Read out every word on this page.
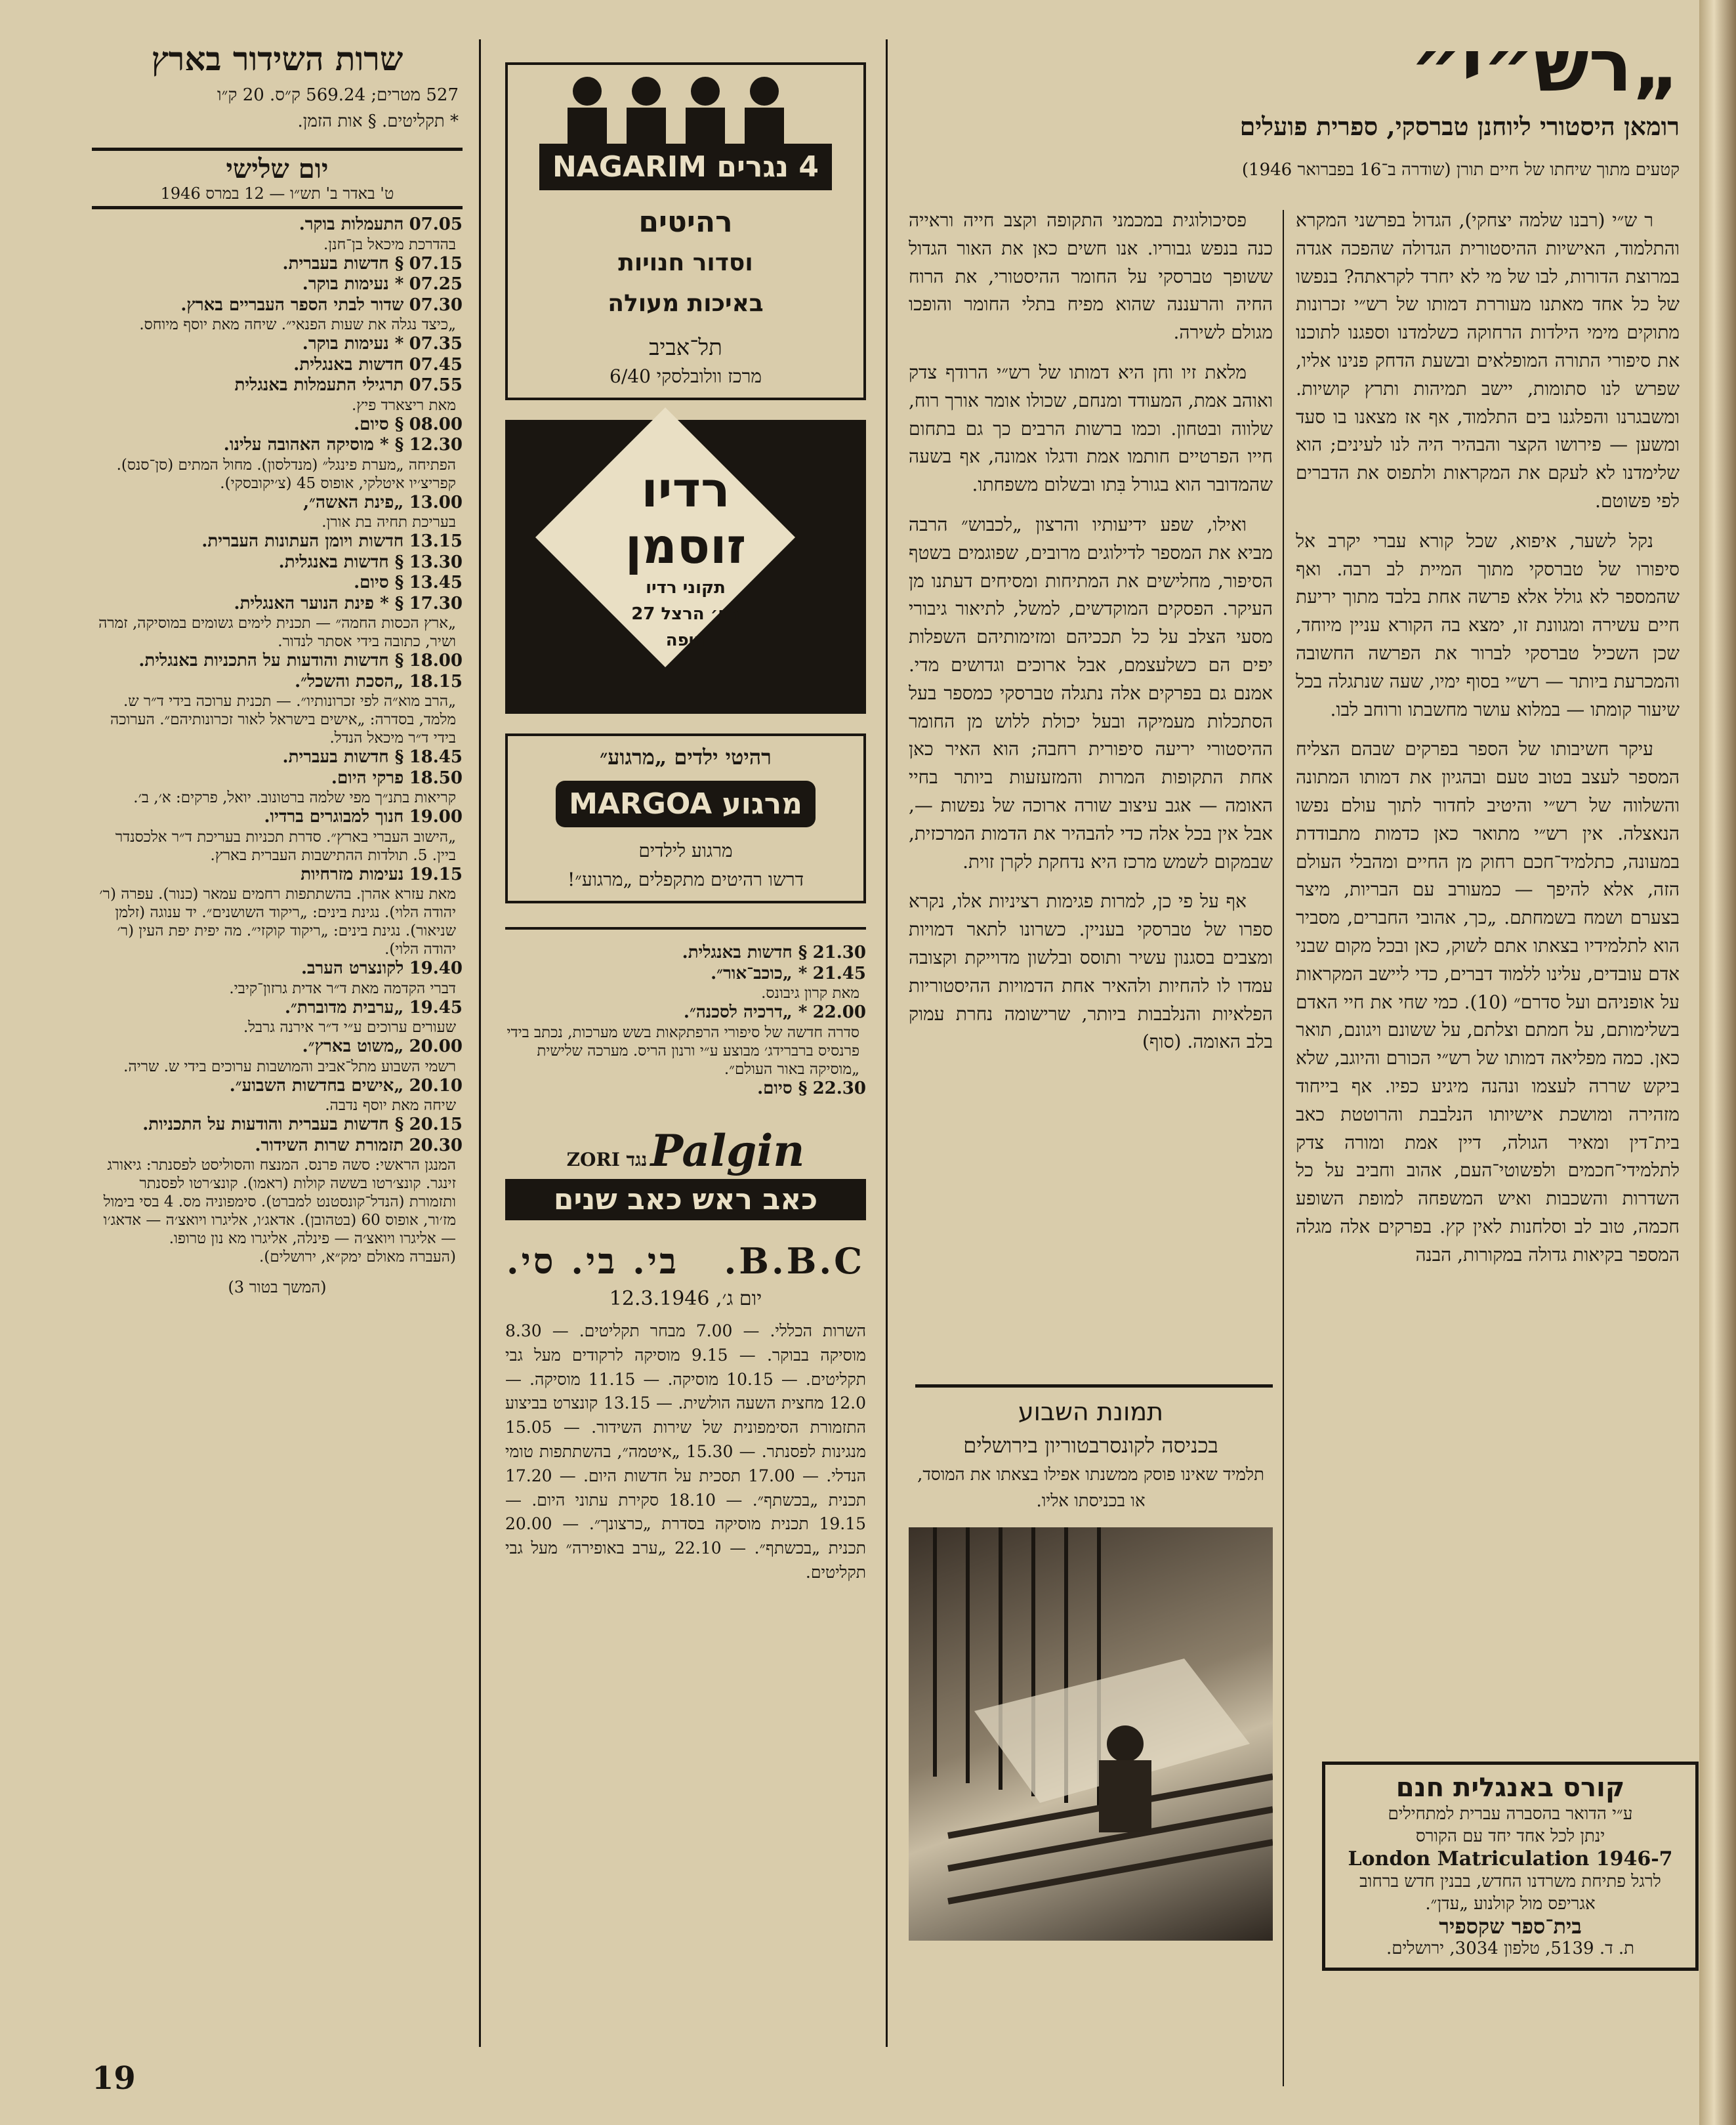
שרות השידור בארץ
527 מטרים; 569.24 ק״ס. 20 ק״ו
* תקליטים. § אות הזמן.
יום שלישי
ט' באדר ב' תש״ו — 12 במרס 1946
07.05 התעמלות בוקר.
בהדרכת מיכאל בן־חנן.
07.15 § חדשות בעברית.
07.25 * נעימות בוקר.
07.30 שדור לבתי הספר העבריים בארץ.
„כיצד נגלה את שעות הפנאי״. שיחה מאת יוסף מיוחס.
07.35 * נעימות בוקר.
07.45 חדשות באנגלית.
07.55 תרגילי התעמלות באנגלית
מאת ריצארד פיץ.
08.00 § סיום.
12.30 § * מוסיקה האהובה עלינו.
הפתיחה „מערת פינגל״ (מנדלסון). מחול המתים (סן־סנס). קפריצ׳יו איטלקי, אופוס 45 (צ׳יקובסקי).
13.00 „פינת האשה״,
בעריכת תחיה בת אורן.
13.15 חדשות ויומן העתונות העברית.
13.30 § חדשות באנגלית.
13.45 § סיום.
17.30 § * פינת הנוער האנגלית.
„ארץ הכסות החמה״ — תכנית לימים גשומים במוסיקה, זמרה ושיר, כתובה בידי אסתר לנדור.
18.00 § חדשות והודעות על התכניות באנגלית.
18.15 „הסכת והשכל״.
„הרב מוא״ה לפי זכרונותיו״. — תכנית ערוכה בידי ד״ר ש. מלמד, בסדרה: „אישים בישראל לאור זכרונותיהם״. הערוכה בידי ד״ר מיכאל הנדל.
18.45 § חדשות בעברית.
18.50 פרקי היום.
קריאות בתנ״ך מפי שלמה ברטונוב. יואל, פרקים: א׳, ב׳.
19.00 חנוך למבוגרים ברדיו.
„הישוב העברי בארץ״. סדרת תכניות בעריכת ד״ר אלכסנדר ביין. 5. תולדות ההתישבות העברית בארץ.
19.15 נעימות מזרחיות
מאת עזרא אהרן. בהשתתפות רחמים עמאר (כנור). עפרה (ר׳ יהודה הלוי). נגינת בינים: „ריקוד השושנים״. יד ענוגה (זלמן שניאור). נגינת בינים: „ריקוד קוקזי״. מה יפית יפת העין (ר׳ יהודה הלוי).
19.40 לקונצרט הערב.
דברי הקדמה מאת ד״ר אדית גרזון־קיבי.
19.45 „ערבית מדוברת״.
שעורים ערוכים ע״י ד״ר אירנה גרבל.
20.00 „משוט בארץ״.
רשמי השבוע מתל־אביב והמושבות ערוכים בידי ש. שריה.
20.10 „אישים בחדשות השבוע״.
שיחה מאת יוסף נדבה.
20.15 § חדשות בעברית והודעות על התכניות.
20.30 תזמורת שרות השידור.
המנגן הראשי: סשה פרנס. המנצח והסוליסט לפסנתר: גיאורג זינגר. קונצ׳רטו בששה קולות (ראמו). קונצ׳רטו לפסנתר ותזמורת (הנדל־קונסטנט למברט). סימפוניה מס. 4 בסי בימול מז׳ור, אופוס 60 (בטהובן). אדאג׳ו, אליגרו ויואצ׳ה — אדאג׳ו — אליגרו ויואצ׳ה — פינלה, אליגרו מא נון טרופו.
(העברה מאולם ימק״א, ירושלים).
(המשך בטור 3)
19
4 נגרים NAGARIM
רהיטים
וסדור חנויות
באיכות מעולה
תל־אביב
מרכז וולובלסקי 6/40
רדיו
זוסמן
תקוני רדיו
רח׳ הרצל 27
חיפה
רהיטי ילדים „מרגוע״
מרגוע MARGOA
מרגוע לילדים
דרשו רהיטים מתקפלים „מרגוע״!
21.30 § חדשות באנגלית.
21.45 * „כוכב־אור״.
מאת קרון גיבונס.
22.00 * „דרכיה לסכנה״.
סדרה חדשה של סיפורי הרפתקאות בשש מערכות, נכתב בידי פרנסיס ברברידג׳ מבוצע ע״י ורנון הריס. מערכה שלישית „מוסיקה באור העולם״.
22.30 § סיום.
Palgin נגד ZORI
כאב ראש כאב שנים
B.B.C.   בי. בי. סי.
יום ג׳, 12.3.1946
השרות הכללי. — 7.00 מבחר תקליטים. — 8.30 מוסיקה בבוקר. — 9.15 מוסיקה לרקודים מעל גבי תקליטים. — 10.15 מוסיקה. — 11.15 מוסיקה. — 12.0 מחצית השעה הולשית. — 13.15 קונצרט בביצוע התזמורת הסימפונית של שירות השידור. — 15.05 מנגינות לפסנתר. — 15.30 „איטמה״, בהשתתפות טומי הנדלי. — 17.00 תסכית על חדשות היום. — 17.20 תכנית „בכשתף״. — 18.10 סקירת עתוני היום. — 19.15 תכנית מוסיקה בסדרת „כרצונך״. — 20.00 תכנית „בכשתף״. — 22.10 „ערב באופירה״ מעל גבי תקליטים.
„רש״י״
רומאן היסטורי ליוחנן טברסקי, ספרית פועלים
קטעים מתוך שיחתו של חיים תורן (שודרה ב־16 בפברואר 1946)

ר ש״י (רבנו שלמה יצחקי), הגדול בפרשני המקרא והתלמוד, האישיות ההיסטורית הגדולה שהפכה אגדה במרוצת הדורות, לבו של מי לא יחרד לקראתה? בנפשו של כל אחד מאתנו מעוררת דמותו של רש״י זכרונות מתוקים מימי הילדות הרחוקה כשלמדנו וספגנו לתוכנו את סיפורי התורה המופלאים ובשעת הדחק פנינו אליו, שפרש לנו סתומות, יישב תמיהות ותרץ קושיות. ומשבגרנו והפלגנו בים התלמוד, אף אז מצאנו בו סעד ומשען — פירושו הקצר והבהיר היה לנו לעינים; הוא שלימדנו לא לעקם את המקראות ולתפוס את הדברים לפי פשוטם.

נקל לשער, איפוא, שכל קורא עברי יקרב אל סיפורו של טברסקי מתוך המיית לב רבה. ואף שהמספר לא גולל אלא פרשה אחת בלבד מתוך יריעת חיים עשירה ומגוונת זו, ימצא בה הקורא עניין מיוחד, שכן השכיל טברסקי לברור את הפרשה החשובה והמכרעת ביותר — רש״י בסוף ימיו, שעה שנתגלה בכל שיעור קומתו — במלוא עושר מחשבתו ורוחב לבו.

עיקר חשיבותו של הספר בפרקים שבהם הצליח המספר לעצב בטוב טעם ובהגיון את דמותו המתונה והשלווה של רש״י והיטיב לחדור לתוך עולם נפשו הנאצלה. אין רש״י מתואר כאן כדמות מתבודדת במעונה, כתלמיד־חכם רחוק מן החיים ומהבלי העולם הזה, אלא להיפך — כמעורב עם הבריות, מיצר בצערם ושמח בשמחתם. „כך, אהובי החברים, מסביר הוא לתלמידיו בצאתו אתם לשוק, כאן ובכל מקום שבני אדם עובדים, עלינו ללמוד דברים, כדי ליישב המקראות על אופניהם ועל סדרם״ (10). כמי שחי את חיי האדם בשלימותם, על חמתם וצלתם, על ששונם ויגונם, תואר כאן. כמה מפליאה דמותו של רש״י הכורם והיוגב, שלא ביקש שררה לעצמו ונהנה מיגיע כפיו. אף בייחוד מזהירה ומושכת אישיותו הנלבבת והרוטטת כאב בית־דין ומאיר הגולה, דיין אמת ומורה צדק לתלמידי־חכמים ולפשוטי־העם, אהוב וחביב על כל השדרות והשכבות ואיש המשפחה למופת השופע חכמה, טוב לב וסלחנות לאין קץ. בפרקים אלה מגלה המספר בקיאות גדולה במקורות, הבנה

פסיכולוגית במכמני התקופה וקצב חייה וראייה כנה בנפש גבוריו. אנו חשים כאן את האור הגדול ששופך טברסקי על החומר ההיסטורי, את הרוח החיה והרעננה שהוא מפיח בתלי החומר והופכו מגולם לשירה.

מלאת זיו וחן היא דמותו של רש״י הרודף צדק ואוהב אמת, המעודד ומנחם, שכולו אומר אורך רוח, שלווה ובטחון. וכמו ברשות הרבים כך גם בתחום חייו הפרטיים חותמו אמת ודגלו אמונה, אף בשעה שהמדובר הוא בגורל בִּתו ובשלום משפחתו.

ואילו, שפע ידיעותיו והרצון „לכבוש״ הרבה מביא את המספר לדילוגים מרובים, שפוגמים בשטף הסיפור, מחלישים את המתיחות ומסיחים דעתנו מן העיקר. הפסקים המוקדשים, למשל, לתיאור גיבורי מסעי הצלב על כל תככיהם ומזימותיהם השפלות יפים הם כשלעצמם, אבל ארוכים וגדושים מדי. אמנם גם בפרקים אלה נתגלה טברסקי כמספר בעל הסתכלות מעמיקה ובעל יכולת ללוש מן החומר ההיסטורי יריעה סיפורית רחבה; הוא האיר כאן אחת התקופות המרות והמזעזעות ביותר בחיי האומה — אגב עיצוב שורה ארוכה של נפשות —, אבל אין בכל אלה כדי להבהיר את הדמות המרכזית, שבמקום לשמש מרכז היא נדחקת לקרן זוית.

אף על פי כן, למרות פגימות רציניות אלו, נקרא ספרו של טברסקי בעניין. כשרונו לתאר דמויות ומצבים בסגנון עשיר ותוסס ובלשון מדוייקת וקצובה עמדו לו להחיות ולהאיר אחת הדמויות ההיסטוריות הפלאיות והנלבבות ביותר, שרישומה נחרת עמוק בלב האומה. (סוף)

תמונת השבוע
בכניסה לקונסרבטוריון בירושלים
תלמיד שאינו פוסק ממשנתו אפילו בצאתו את המוסד, או בכניסתו אליו.
קורס באנגלית חנם
ע״י הדואר בהסברה עברית למתחילים
ינתן לכל אחד יחד עם הקורס
London Matriculation 1946-7
לרגל פתיחת משרדנו החדש, בבנין חדש ברחוב אגריפס מול קולנוע „עדן״.
בית־ספר שקספיר
ת. ד. 5139, טלפון 3034, ירושלים.
